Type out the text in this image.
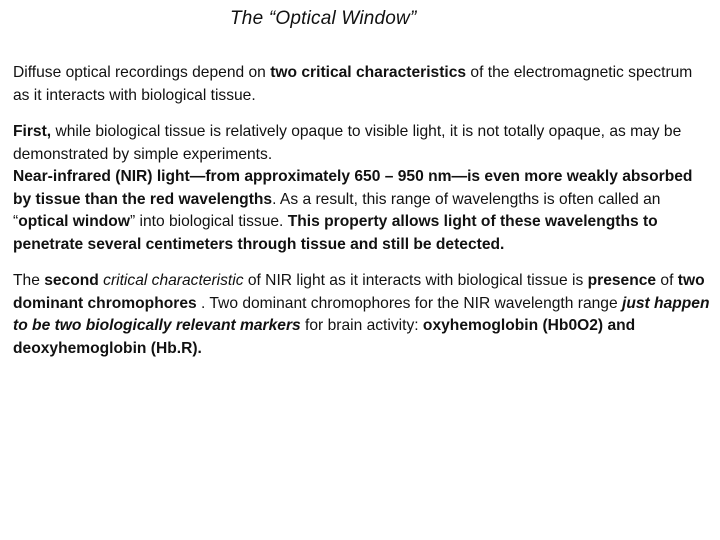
The “Optical Window”

Diffuse optical recordings depend on two critical characteristics of the electromagnetic spectrum as it interacts with biological tissue.

First, while biological tissue is relatively opaque to visible light, it is not totally opaque, as may be demonstrated by simple experiments.

Near-infrared (NIR) light—from approximately 650 – 950 nm—is even more weakly absorbed by tissue than the red wavelengths. As a result, this range of wavelengths is often called an “optical window” into biological tissue. This property allows light of these wavelengths to penetrate several centimeters through tissue and still be detected.

The second critical characteristic of NIR light as it interacts with biological tissue is presence of two dominant chromophores . Two dominant chromophores for the NIR wavelength range just happen to be two biologically relevant markers for brain activity: oxyhemoglobin (Hb0O2) and deoxyhemoglobin (Hb.R).
